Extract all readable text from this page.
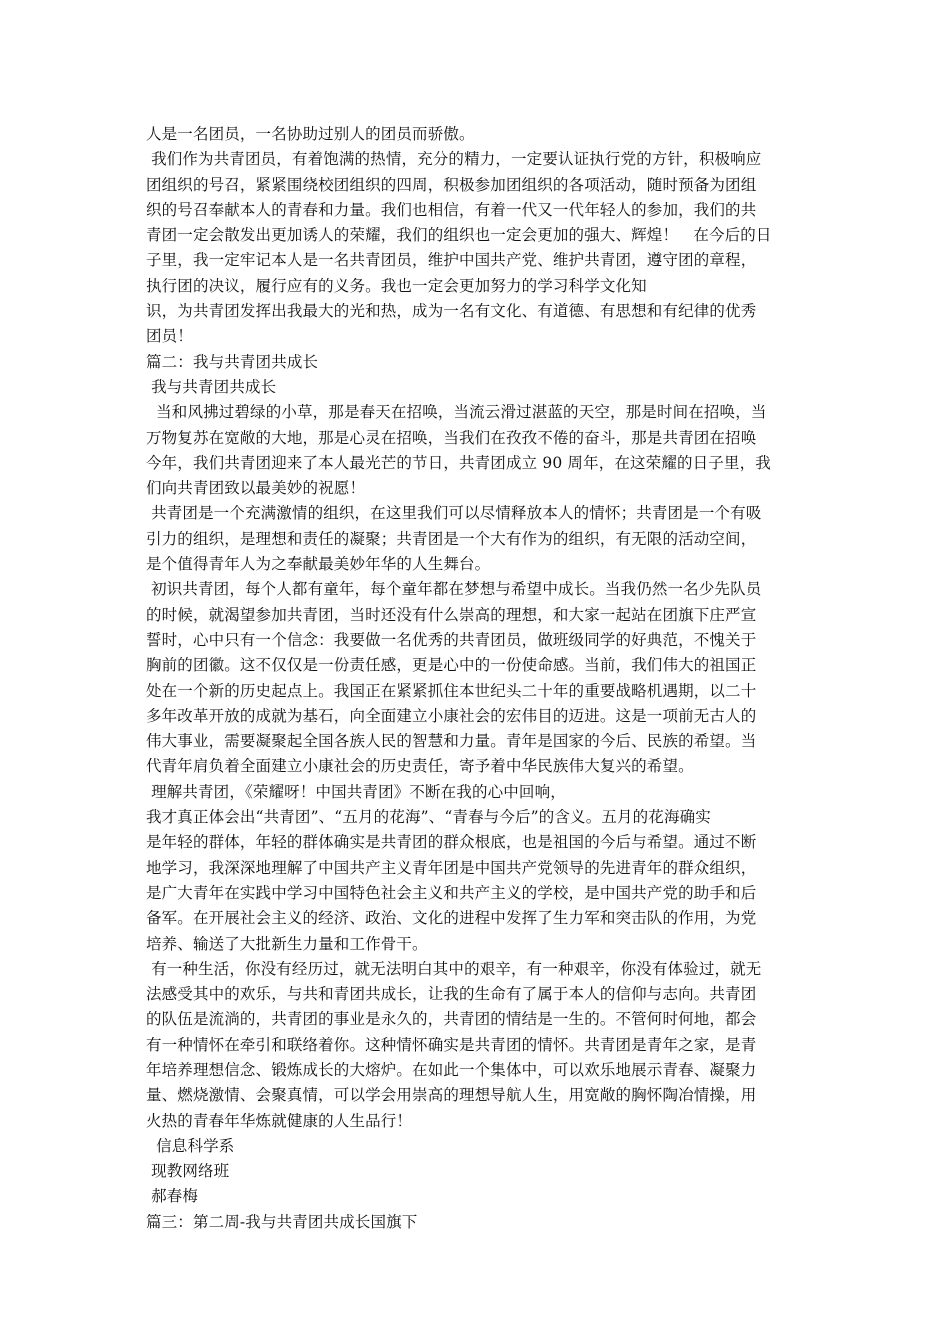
人是一名团员，一名协助过别人的团员而骄傲。
我们作为共青团员，有着饱满的热情，充分的精力，一定要认证执行党的方针，积极响应
团组织的号召，紧紧围绕校团组织的四周，积极参加团组织的各项活动，随时预备为团组
织的号召奉献本人的青春和力量。我们也相信，有着一代又一代年轻人的参加，我们的共
青团一定会散发出更加诱人的荣耀，我们的组织也一定会更加的强大、辉煌！   在今后的日
子里，我一定牢记本人是一名共青团员，维护中国共产党、维护共青团，遵守团的章程，
执行团的决议，履行应有的义务。我也一定会更加努力的学习科学文化知
识，为共青团发挥出我最大的光和热，成为一名有文化、有道德、有思想和有纪律的优秀
团员！
篇二：我与共青团共成长
我与共青团共成长
当和风拂过碧绿的小草，那是春天在招唤，当流云滑过湛蓝的天空，那是时间在招唤，当
万物复苏在宽敞的大地，那是心灵在招唤，当我们在孜孜不倦的奋斗，那是共青团在招唤
今年，我们共青团迎来了本人最光芒的节日，共青团成立 90 周年，在这荣耀的日子里，我
们向共青团致以最美妙的祝愿！
共青团是一个充满激情的组织，在这里我们可以尽情释放本人的情怀；共青团是一个有吸
引力的组织，是理想和责任的凝聚；共青团是一个大有作为的组织，有无限的活动空间，
是个值得青年人为之奉献最美妙年华的人生舞台。
初识共青团，每个人都有童年，每个童年都在梦想与希望中成长。当我仍然一名少先队员
的时候，就渴望参加共青团，当时还没有什么崇高的理想，和大家一起站在团旗下庄严宣
誓时，心中只有一个信念：我要做一名优秀的共青团员，做班级同学的好典范，不愧关于
胸前的团徽。这不仅仅是一份责任感，更是心中的一份使命感。当前，我们伟大的祖国正
处在一个新的历史起点上。我国正在紧紧抓住本世纪头二十年的重要战略机遇期，以二十
多年改革开放的成就为基石，向全面建立小康社会的宏伟目的迈进。这是一项前无古人的
伟大事业，需要凝聚起全国各族人民的智慧和力量。青年是国家的今后、民族的希望。当
代青年肩负着全面建立小康社会的历史责任，寄予着中华民族伟大复兴的希望。
理解共青团，《荣耀呀！中国共青团》不断在我的心中回响，
我才真正体会出“共青团”、“五月的花海”、“青春与今后”的含义。五月的花海确实
是年轻的群体，年轻的群体确实是共青团的群众根底，也是祖国的今后与希望。通过不断
地学习，我深深地理解了中国共产主义青年团是中国共产党领导的先进青年的群众组织，
是广大青年在实践中学习中国特色社会主义和共产主义的学校，是中国共产党的助手和后
备军。在开展社会主义的经济、政治、文化的进程中发挥了生力军和突击队的作用，为党
培养、输送了大批新生力量和工作骨干。
有一种生活，你没有经历过，就无法明白其中的艰辛，有一种艰辛，你没有体验过，就无
法感受其中的欢乐，与共和青团共成长，让我的生命有了属于本人的信仰与志向。共青团
的队伍是流淌的，共青团的事业是永久的，共青团的情结是一生的。不管何时何地，都会
有一种情怀在牵引和联络着你。这种情怀确实是共青团的情怀。共青团是青年之家，是青
年培养理想信念、锻炼成长的大熔炉。在如此一个集体中，可以欢乐地展示青春、凝聚力
量、燃烧激情、会聚真情，可以学会用崇高的理想导航人生，用宽敞的胸怀陶冶情操，用
火热的青春年华炼就健康的人生品行！
信息科学系
现教网络班
郝春梅
篇三：第二周-我与共青团共成长国旗下
